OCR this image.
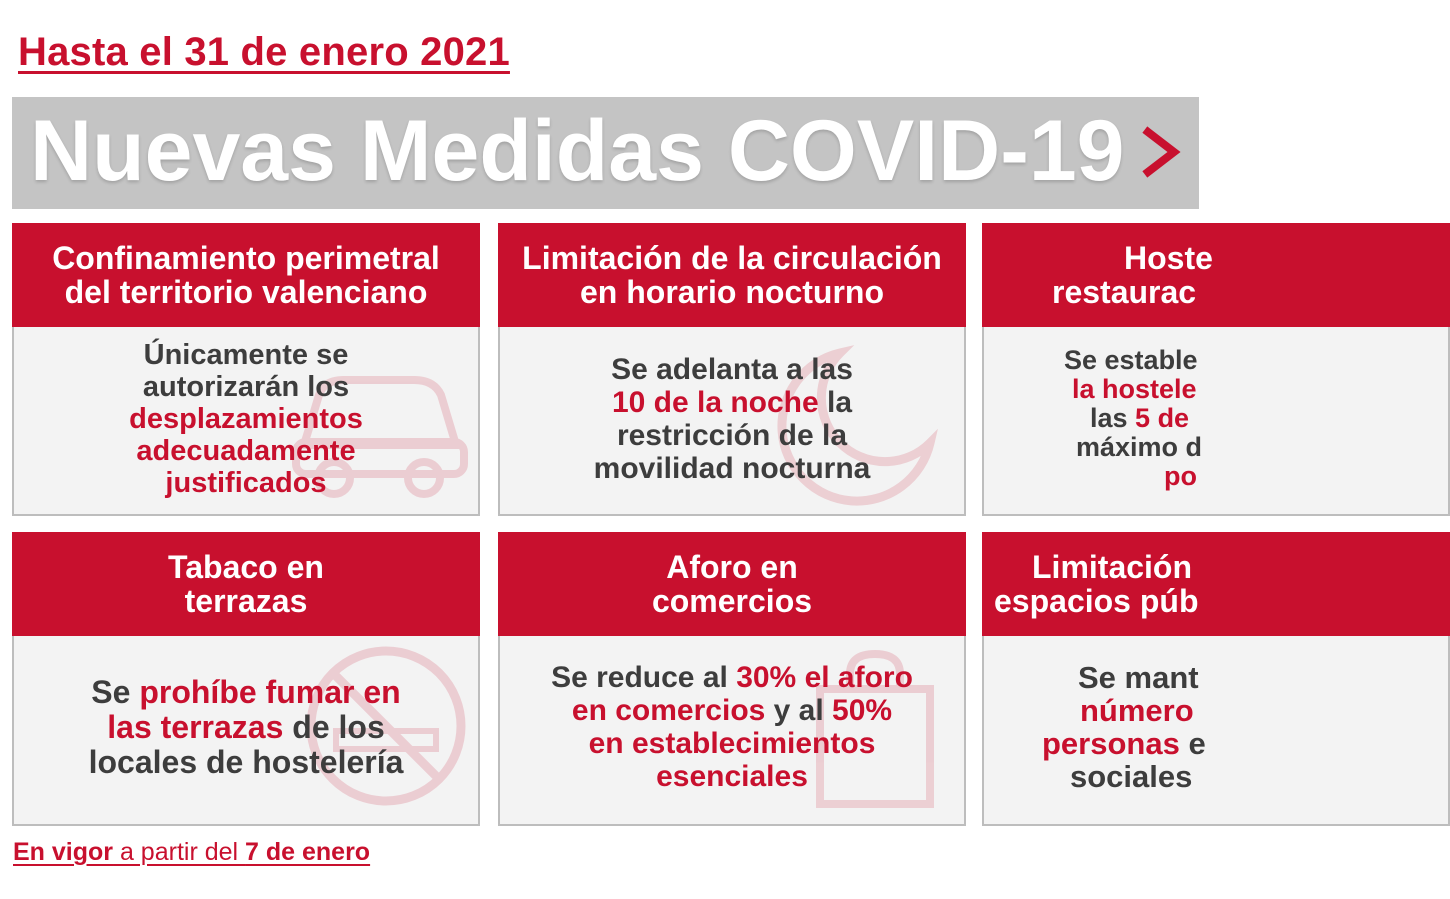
Hasta el 31 de enero 2021
Nuevas Medidas COVID-19
Confinamiento perimetral
del territorio valenciano
Únicamente se
autorizarán los
desplazamientos
adecuadamente
justificados
Limitación de la circulación
en horario nocturno
Se adelanta a las
10 de la noche la
restricción de la
movilidad nocturna
Hoste
restaurac
Se estable
la hostele
las 5 de
máximo d
po
Tabaco en
terrazas
Se prohíbe fumar en
las terrazas de los
locales de hostelería
Aforo en
comercios
Se reduce al 30% el aforo
en comercios y al 50%
en establecimientos
esenciales
Limitación
espacios púb
Se mant
número
personas e
sociales
En vigor a partir del 7 de enero
